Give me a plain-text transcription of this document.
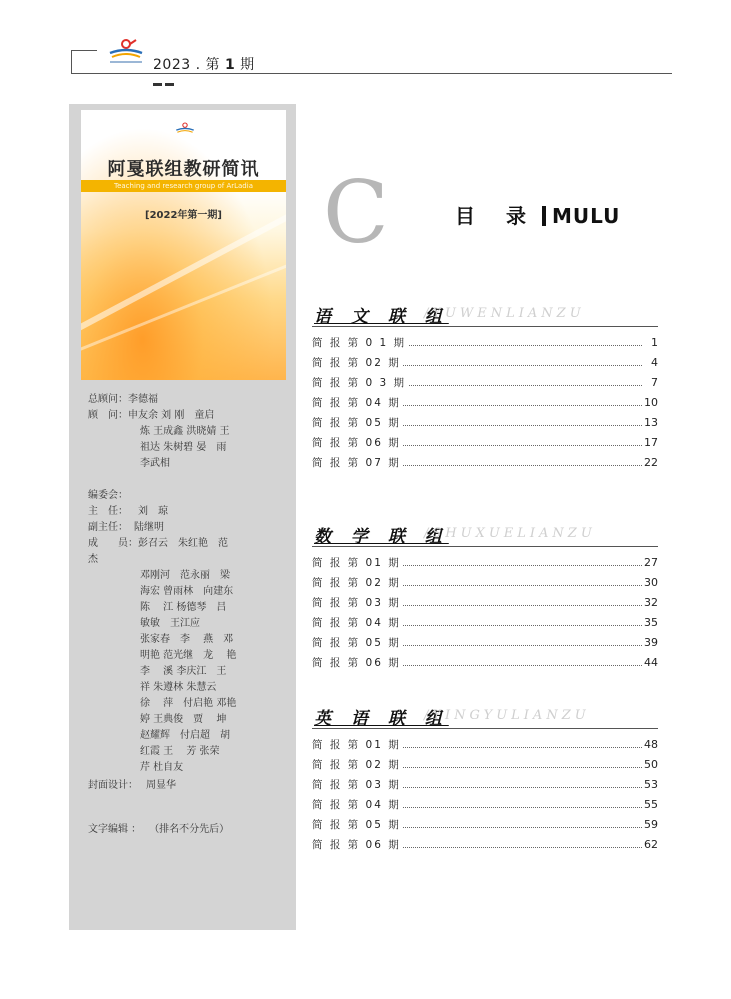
2023 . 第 1 期
阿戛联组教研简讯
Teaching and research group of ArLadia
[2022年第一期]
总顾问：李德福
顾　问：申友余 刘 刚　童启
炼 王成鑫 洪晓婧 王
祖达 朱树碧 晏　雨
李武相
编委会：
主　任： 刘　琼
副主任： 陆继明
成　　员：彭召云　朱红艳　范
杰
邓刚河　范永丽　梁
海宏 曾雨林　向建东
陈　 江 杨德琴　吕
敏敏　王江应
张家春　李　 燕　邓
明艳 范光继　龙　 艳
李　 溪 李庆江　王
祥 朱遵林 朱慧云
徐　 萍　付启艳 邓艳
婷 王典俊　贾　 坤
赵耀辉　付启超　胡
红霞 王　 芳 张荣
芹 杜自友
封面设计： 周显华
文字编辑 ： （排名不分先后）
C	目 录 MULU
语 文 联 组
/YUWENLIANZU
简 报 第 0 1 期	1
简 报 第 02 期	4
简 报 第 0 3 期	7
简 报 第 04 期	10
简 报 第 05 期	13
简 报 第 06 期	17
简 报 第 07 期	22
数 学 联 组
/SHUXUELIANZU
简 报 第 01 期	27
简 报 第 02 期	30
简 报 第 03 期	32
简 报 第 04 期	35
简 报 第 05 期	39
简 报 第 06 期	44
英 语 联 组
/YINGYULIANZU
简 报 第 01 期	48
简 报 第 02 期	50
简 报 第 03 期	53
简 报 第 04 期	55
简 报 第 05 期	59
简 报 第 06 期	62
